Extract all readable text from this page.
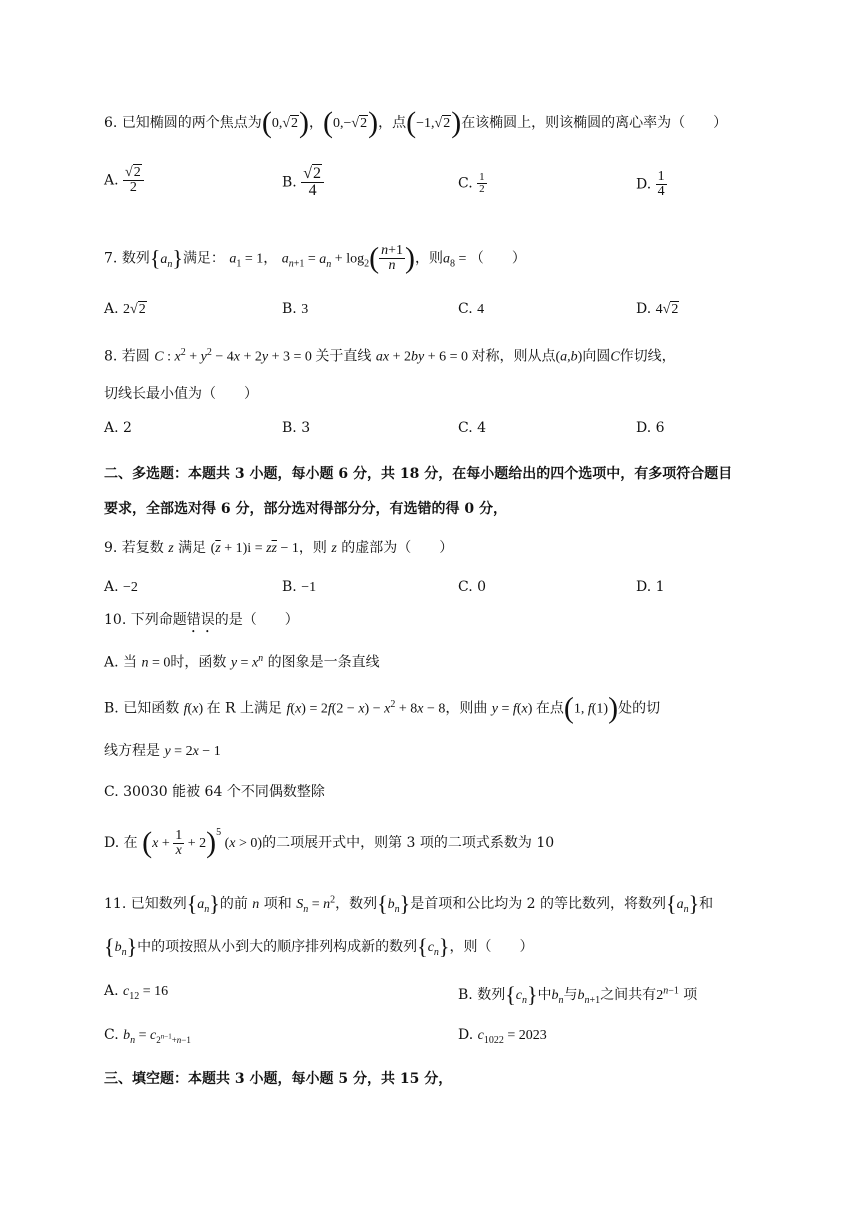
6. 已知椭圆的两个焦点为(0,√2)，(0,−√2)，点(−1,√2)在该椭圆上，则该椭圆的离心率为（　　）
A. $\frac{√2}{2}$	B. $\frac{√2}{4}$	C. $\frac{1}{2}$	D. $\frac{1}{4}$
7. 数列$\{a_n\}$满足： $a_1 = 1$， $a_{n+1} = a_n + \log_2( \frac{n+1}{n}$ )，则$a_8$ = （　　）
A. 2√2	B. 3	C. 4	D. 4√2
8. 若圆 C : $x^2 + y^2 - 4x + 2y + 3 = 0$ 关于直线 ax + 2by + 6 = 0 对称，则从点(a,b)向圆C作切线，
切线长最小值为（　　）
A. 2	B. 3	C. 4	D. 6
二、多选题：本题共 3 小题，每小题 6 分，共 18 分，在每小题给出的四个选项中，有多项符合题目
要求，全部选对得 6 分，部分选对得部分分，有选错的得 0 分，
9. 若复数 z 满足 $(\overline{z} + 1)i = z\overline{z} - 1$，则 z 的虚部为（　　）
A. −2	B. −1	C. 0	D. 1
10. 下列命题错误的是（　　）
A. 当 n = 0时，函数 $y = x^n$ 的图象是一条直线
B. 已知函数 f(x) 在 R 上满足 $f(x) = 2f(2 - x) - x^2 + 8x - 8$，则曲 y = f(x) 在点(1, f(1))处的切
线方程是 y = 2x − 1
C. 30030 能被 64 个不同偶数整除
D. 在 $(x + \frac{1}{x} + 2)^5$ (x > 0)的二项展开式中，则第 3 项的二项式系数为 10
11. 已知数列$\{a_n\}$的前 n 项和 $S_n = n^2$，数列$\{b_n\}$是首项和公比均为 2 的等比数列，将数列$\{a_n\}$和
$\{b_n\}$中的项按照从小到大的顺序排列构成新的数列$\{c_n\}$，则（　　）
A. $c_{12} = 16$	B. 数列$\{c_n\}$中$b_n$与$b_{n+1}$之间共有$2^{n-1}$ 项
C. $b_n = c_{2^{n-1}+n-1}$	D. $c_{1022} = 2023$
三、填空题：本题共 3 小题，每小题 5 分，共 15 分，
